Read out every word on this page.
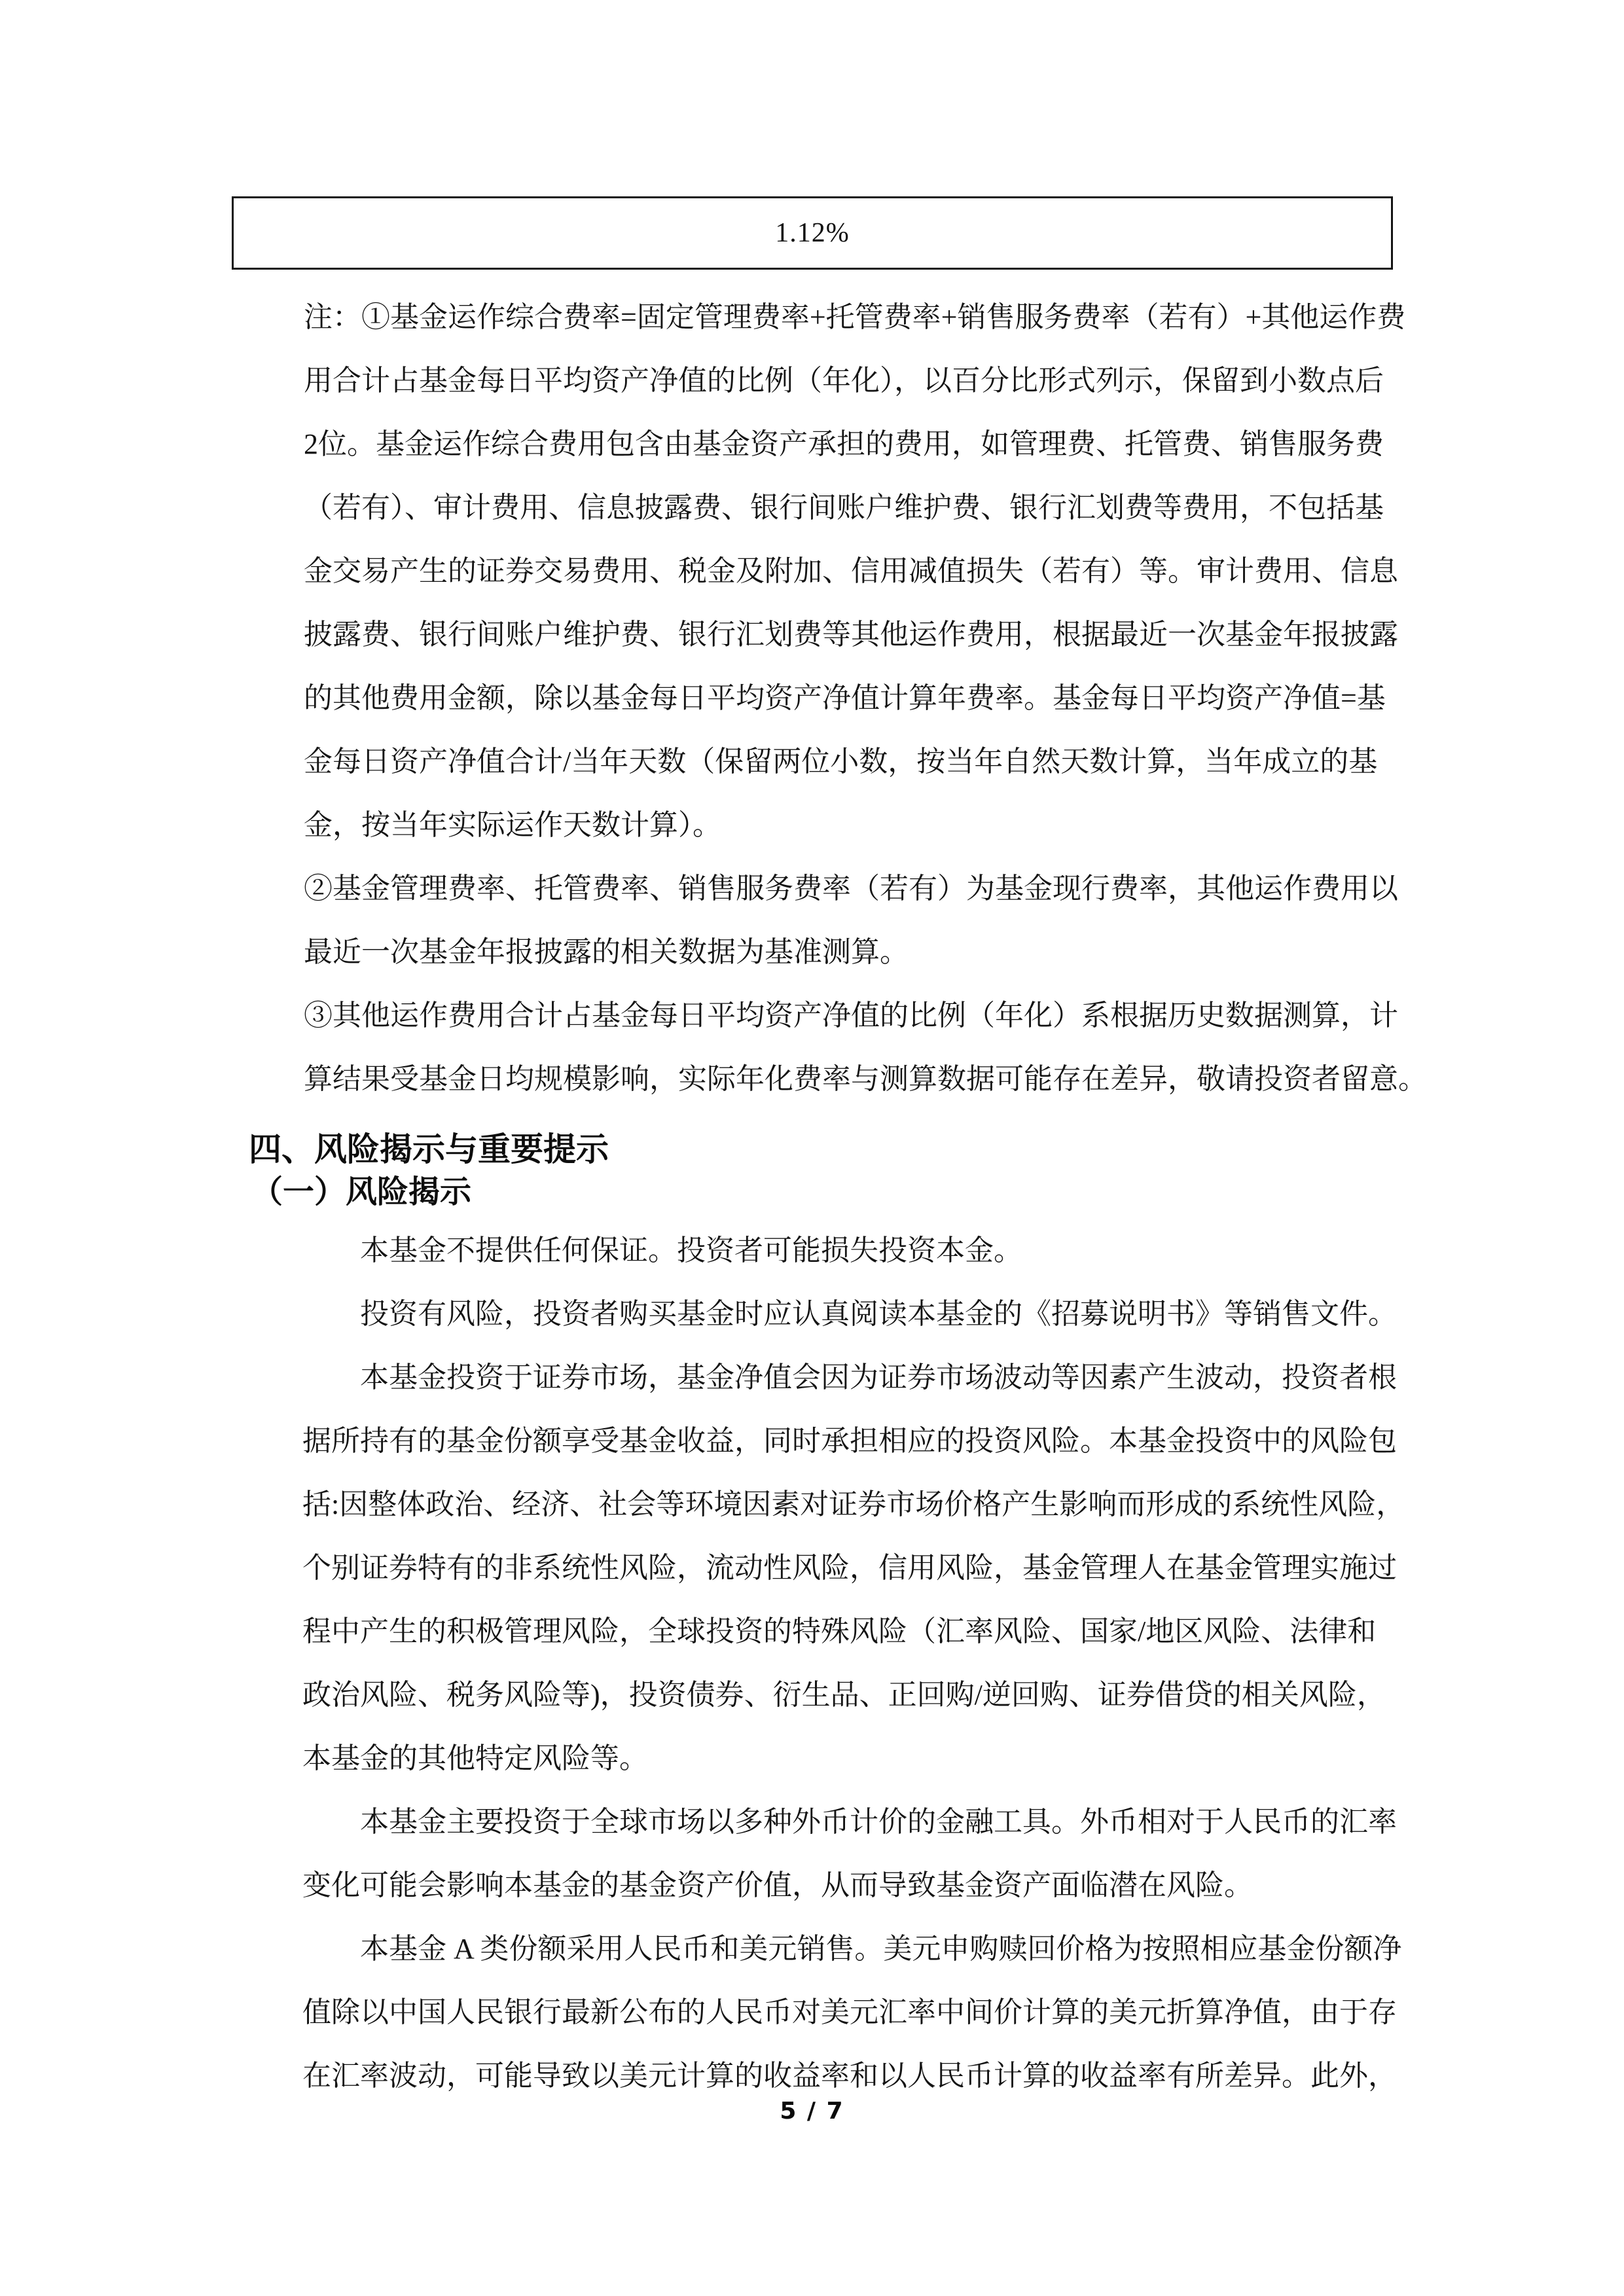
1.12%
注：①基金运作综合费率=固定管理费率+托管费率+销售服务费率（若有）+其他运作费
用合计占基金每日平均资产净值的比例（年化），以百分比形式列示，保留到小数点后
2位。基金运作综合费用包含由基金资产承担的费用，如管理费、托管费、销售服务费
（若有）、审计费用、信息披露费、银行间账户维护费、银行汇划费等费用，不包括基
金交易产生的证券交易费用、税金及附加、信用减值损失（若有）等。审计费用、信息
披露费、银行间账户维护费、银行汇划费等其他运作费用，根据最近一次基金年报披露
的其他费用金额，除以基金每日平均资产净值计算年费率。基金每日平均资产净值=基
金每日资产净值合计/当年天数（保留两位小数，按当年自然天数计算，当年成立的基
金，按当年实际运作天数计算）。
②基金管理费率、托管费率、销售服务费率（若有）为基金现行费率，其他运作费用以
最近一次基金年报披露的相关数据为基准测算。
③其他运作费用合计占基金每日平均资产净值的比例（年化）系根据历史数据测算，计
算结果受基金日均规模影响，实际年化费率与测算数据可能存在差异，敬请投资者留意。
四、风险揭示与重要提示
（一）风险揭示
　　本基金不提供任何保证。投资者可能损失投资本金。
　　投资有风险，投资者购买基金时应认真阅读本基金的《招募说明书》等销售文件。
　　本基金投资于证券市场，基金净值会因为证券市场波动等因素产生波动，投资者根
据所持有的基金份额享受基金收益，同时承担相应的投资风险。本基金投资中的风险包
括:因整体政治、经济、社会等环境因素对证券市场价格产生影响而形成的系统性风险，
个别证券特有的非系统性风险，流动性风险，信用风险，基金管理人在基金管理实施过
程中产生的积极管理风险，全球投资的特殊风险（汇率风险、国家/地区风险、法律和
政治风险、税务风险等)，投资债券、衍生品、正回购/逆回购、证券借贷的相关风险，
本基金的其他特定风险等。
　　本基金主要投资于全球市场以多种外币计价的金融工具。外币相对于人民币的汇率
变化可能会影响本基金的基金资产价值，从而导致基金资产面临潜在风险。
　　本基金 A 类份额采用人民币和美元销售。美元申购赎回价格为按照相应基金份额净
值除以中国人民银行最新公布的人民币对美元汇率中间价计算的美元折算净值，由于存
在汇率波动，可能导致以美元计算的收益率和以人民币计算的收益率有所差异。此外，
5 / 7
